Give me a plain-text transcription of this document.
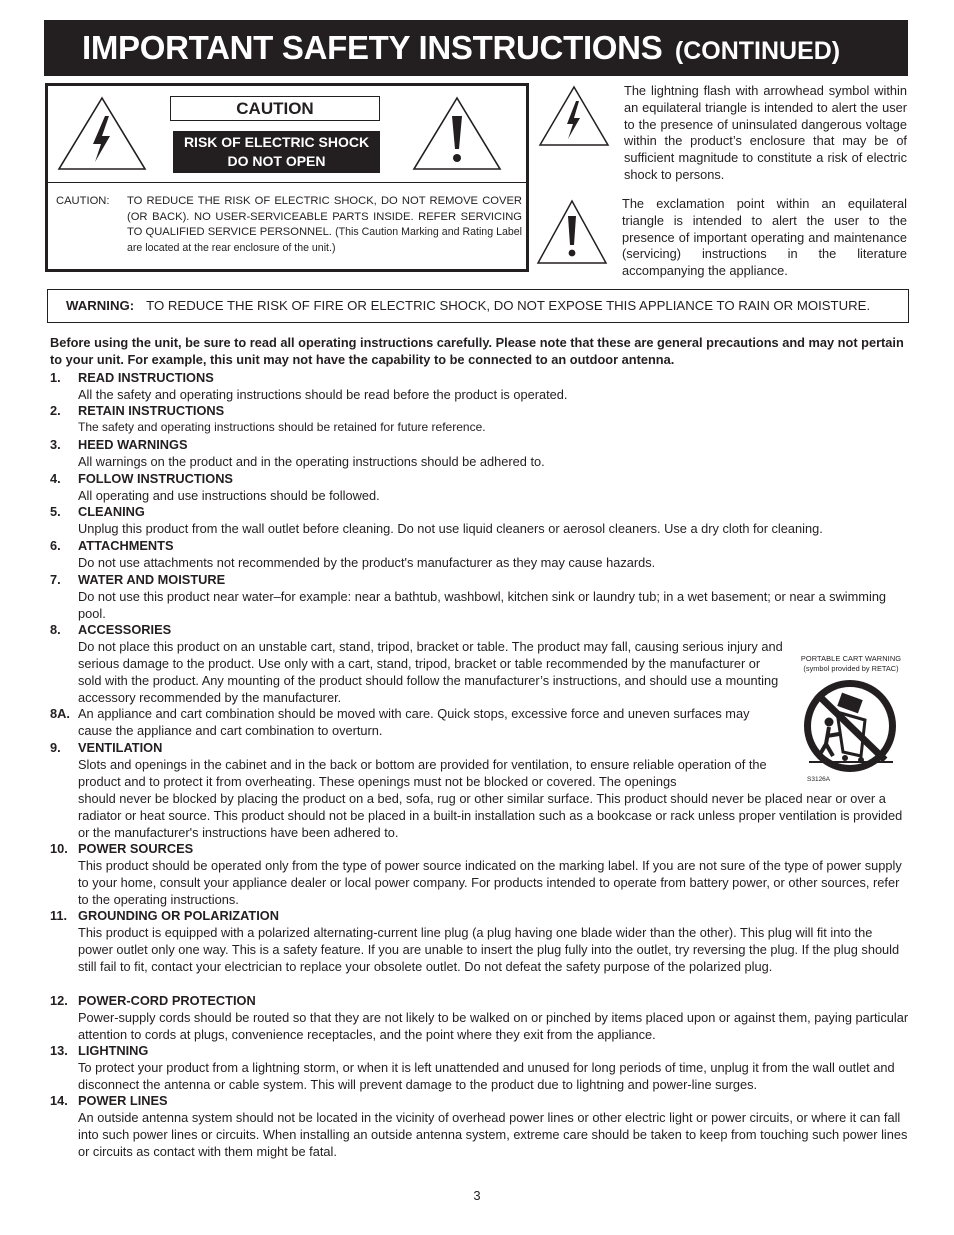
IMPORTANT SAFETY INSTRUCTIONS (CONTINUED)
CAUTION
RISK OF ELECTRIC SHOCK
DO NOT OPEN
CAUTION: TO REDUCE THE RISK OF ELECTRIC SHOCK, DO NOT REMOVE COVER (OR BACK). NO USER-SERVICEABLE PARTS INSIDE. REFER SERVICING TO QUALIFIED SERVICE PERSONNEL. (This Caution Marking and Rating Label are located at the rear enclosure of the unit.)
The lightning flash with arrowhead symbol within an equilateral triangle is intended to alert the user to the presence of uninsulated dangerous voltage within the product’s enclosure that may be of sufficient magnitude to constitute a risk of electric shock to persons.
The exclamation point within an equilateral triangle is intended to alert the user to the presence of important operating and maintenance (servicing) instructions in the literature accompanying the appliance.
WARNING: TO REDUCE THE RISK OF FIRE OR ELECTRIC SHOCK, DO NOT EXPOSE THIS APPLIANCE TO RAIN OR MOISTURE.
Before using the unit, be sure to read all operating instructions carefully. Please note that these are general precautions and may not pertain to your unit. For example, this unit may not have the capability to be connected to an outdoor antenna.
1. READ INSTRUCTIONS
All the safety and operating instructions should be read before the product is operated.
2. RETAIN INSTRUCTIONS
The safety and operating instructions should be retained for future reference.
3. HEED WARNINGS
All warnings on the product and in the operating instructions should be adhered to.
4. FOLLOW INSTRUCTIONS
All operating and use instructions should be followed.
5. CLEANING
Unplug this product from the wall outlet before cleaning. Do not use liquid cleaners or aerosol cleaners. Use a dry cloth for cleaning.
6. ATTACHMENTS
Do not use attachments not recommended by the product's manufacturer as they may cause hazards.
7. WATER AND MOISTURE
Do not use this product near water–for example: near a bathtub, washbowl, kitchen sink or laundry tub; in a wet basement; or near a swimming pool.
8. ACCESSORIES
Do not place this product on an unstable cart, stand, tripod, bracket or table. The product may fall, causing serious injury and serious damage to the product. Use only with a cart, stand, tripod, bracket or table recommended by the manufacturer or sold with the product. Any mounting of the product should follow the manufacturer’s instructions, and should use a mounting accessory recommended by the manufacturer.
8A. An appliance and cart combination should be moved with care. Quick stops, excessive force and uneven surfaces may cause the appliance and cart combination to overturn.
9. VENTILATION
Slots and openings in the cabinet and in the back or bottom are provided for ventilation, to ensure reliable operation of the product and to protect it from overheating. These openings must not be blocked or covered. The openings
should never be blocked by placing the product on a bed, sofa, rug or other similar surface. This product should never be placed near or over a radiator or heat source. This product should not be placed in a built-in installation such as a bookcase or rack unless proper ventilation is provided or the manufacturer's instructions have been adhered to.
10. POWER SOURCES
This product should be operated only from the type of power source indicated on the marking label. If you are not sure of the type of power supply to your home, consult your appliance dealer or local power company. For products intended to operate from battery power, or other sources, refer to the operating instructions.
11. GROUNDING OR POLARIZATION
This product is equipped with a polarized alternating-current line plug (a plug having one blade wider than the other). This plug will fit into the power outlet only one way. This is a safety feature. If you are unable to insert the plug fully into the outlet, try reversing the plug. If the plug should still fail to fit, contact your electrician to replace your obsolete outlet. Do not defeat the safety purpose of the polarized plug.
12. POWER-CORD PROTECTION
Power-supply cords should be routed so that they are not likely to be walked on or pinched by items placed upon or against them, paying particular attention to cords at plugs, convenience receptacles, and the point where they exit from the appliance.
13. LIGHTNING
To protect your product from a lightning storm, or when it is left unattended and unused for long periods of time, unplug it from the wall outlet and disconnect the antenna or cable system. This will prevent damage to the product due to lightning and power-line surges.
14. POWER LINES
An outside antenna system should not be located in the vicinity of overhead power lines or other electric light or power circuits, or where it can fall into such power lines or circuits. When installing an outside antenna system, extreme care should be taken to keep from touching such power lines or circuits as contact with them might be fatal.
PORTABLE CART WARNING
(symbol provided by RETAC)
S3126A
3
